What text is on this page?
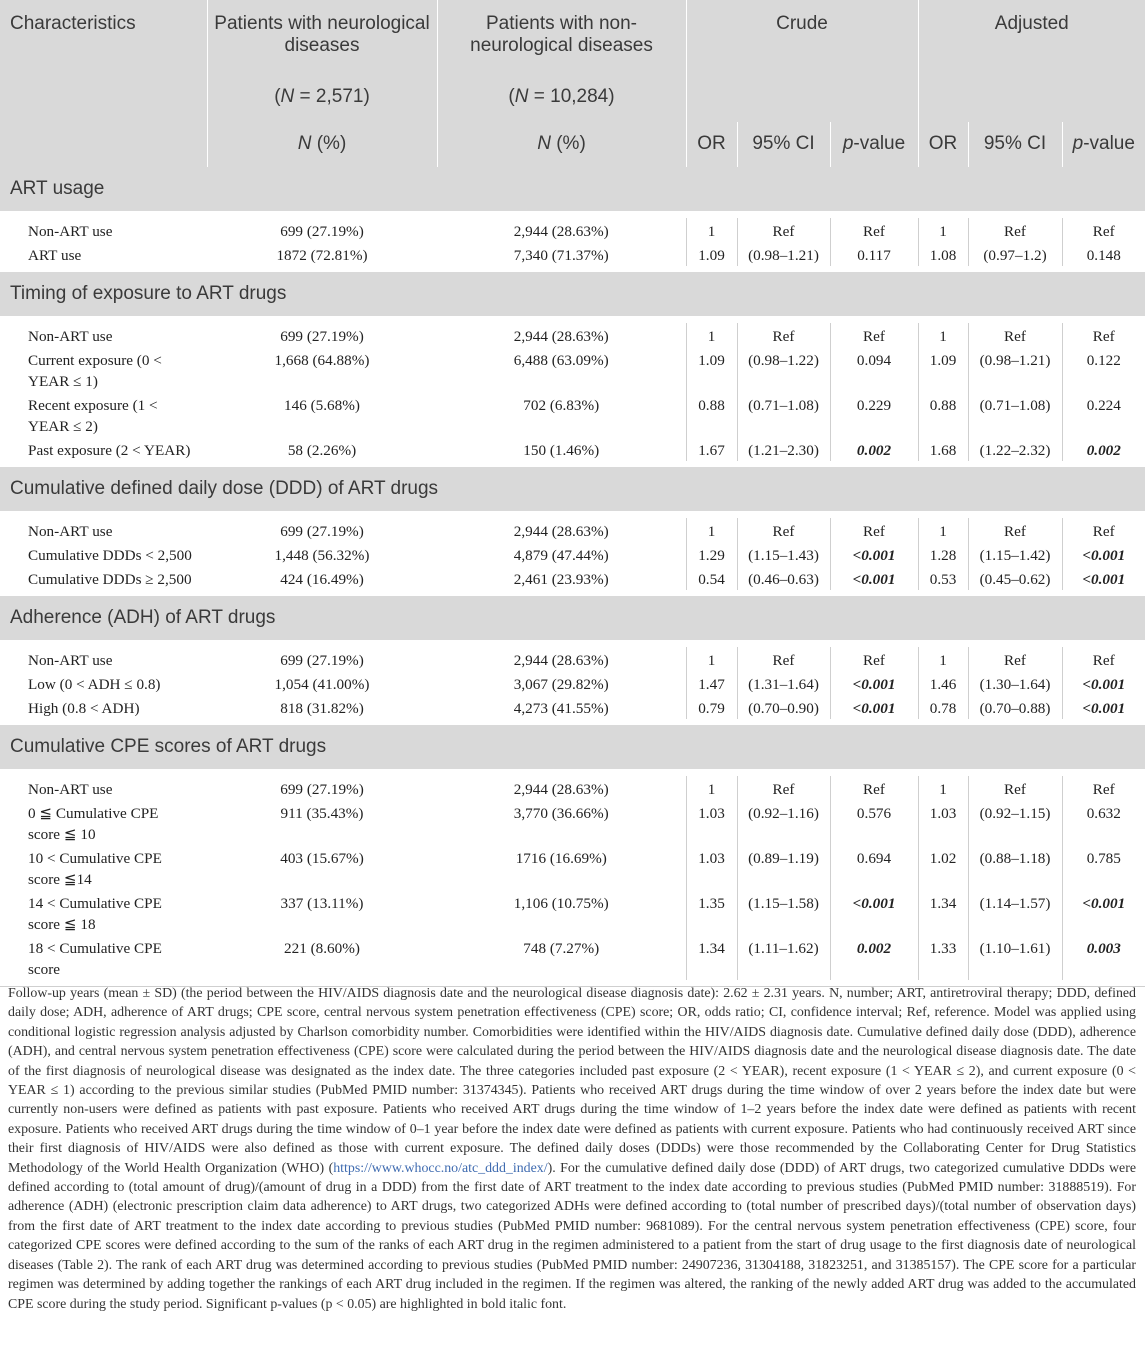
Characteristics	Patients with neurological diseases	Patients with non-neurological diseases	Crude			Adjusted		
	(N = 2,571)	(N = 10,284)						
	N (%)	N (%)	OR	95% CI	p-value	OR	95% CI	p-value
ART usage								

Non-ART use	699 (27.19%)	2,944 (28.63%)	1	Ref	Ref	1	Ref	Ref
ART use	1872 (72.81%)	7,340 (71.37%)	1.09	(0.98–1.21)	0.117	1.08	(0.97–1.2)	0.148

Timing of exposure to ART drugs								

Non-ART use	699 (27.19%)	2,944 (28.63%)	1	Ref	Ref	1	Ref	Ref
Current exposure (0 < YEAR ≤ 1)	1,668 (64.88%)	6,488 (63.09%)	1.09	(0.98–1.22)	0.094	1.09	(0.98–1.21)	0.122
Recent exposure (1 < YEAR ≤ 2)	146 (5.68%)	702 (6.83%)	0.88	(0.71–1.08)	0.229	0.88	(0.71–1.08)	0.224
Past exposure (2 < YEAR)	58 (2.26%)	150 (1.46%)	1.67	(1.21–2.30)	0.002	1.68	(1.22–2.32)	0.002

Cumulative defined daily dose (DDD) of ART drugs								

Non-ART use	699 (27.19%)	2,944 (28.63%)	1	Ref	Ref	1	Ref	Ref
Cumulative DDDs < 2,500	1,448 (56.32%)	4,879 (47.44%)	1.29	(1.15–1.43)	<0.001	1.28	(1.15–1.42)	<0.001
Cumulative DDDs ≥ 2,500	424 (16.49%)	2,461 (23.93%)	0.54	(0.46–0.63)	<0.001	0.53	(0.45–0.62)	<0.001

Adherence (ADH) of ART drugs								

Non-ART use	699 (27.19%)	2,944 (28.63%)	1	Ref	Ref	1	Ref	Ref
Low (0 < ADH ≤ 0.8)	1,054 (41.00%)	3,067 (29.82%)	1.47	(1.31–1.64)	<0.001	1.46	(1.30–1.64)	<0.001
High (0.8 < ADH)	818 (31.82%)	4,273 (41.55%)	0.79	(0.70–0.90)	<0.001	0.78	(0.70–0.88)	<0.001

Cumulative CPE scores of ART drugs								

Non-ART use	699 (27.19%)	2,944 (28.63%)	1	Ref	Ref	1	Ref	Ref
0 ≦ Cumulative CPE score ≦ 10	911 (35.43%)	3,770 (36.66%)	1.03	(0.92–1.16)	0.576	1.03	(0.92–1.15)	0.632
10 < Cumulative CPE score ≦14	403 (15.67%)	1716 (16.69%)	1.03	(0.89–1.19)	0.694	1.02	(0.88–1.18)	0.785
14 < Cumulative CPE score ≦ 18	337 (13.11%)	1,106 (10.75%)	1.35	(1.15–1.58)	<0.001	1.34	(1.14–1.57)	<0.001
18 < Cumulative CPE score	221 (8.60%)	748 (7.27%)	1.34	(1.11–1.62)	0.002	1.33	(1.10–1.61)	0.003

Follow-up years (mean ± SD) (the period between the HIV/AIDS diagnosis date and the neurological disease diagnosis date): 2.62 ± 2.31 years. N, number; ART, antiretroviral therapy; DDD, defined daily dose; ADH, adherence of ART drugs; CPE score, central nervous system penetration effectiveness (CPE) score; OR, odds ratio; CI, confidence interval; Ref, reference. Model was applied using conditional logistic regression analysis adjusted by Charlson comorbidity number. Comorbidities were identified within the HIV/AIDS diagnosis date. Cumulative defined daily dose (DDD), adherence (ADH), and central nervous system penetration effectiveness (CPE) score were calculated during the period between the HIV/AIDS diagnosis date and the neurological disease diagnosis date. The date of the first diagnosis of neurological disease was designated as the index date. The three categories included past exposure (2 < YEAR), recent exposure (1 < YEAR ≤ 2), and current exposure (0 < YEAR ≤ 1) according to the previous similar studies (PubMed PMID number: 31374345). Patients who received ART drugs during the time window of over 2 years before the index date but were currently non-users were defined as patients with past exposure. Patients who received ART drugs during the time window of 1–2 years before the index date were defined as patients with recent exposure. Patients who received ART drugs during the time window of 0–1 year before the index date were defined as patients with current exposure. Patients who had continuously received ART since their first diagnosis of HIV/AIDS were also defined as those with current exposure. The defined daily doses (DDDs) were those recommended by the Collaborating Center for Drug Statistics Methodology of the World Health Organization (WHO) (https://www.whocc.no/atc_ddd_index/). For the cumulative defined daily dose (DDD) of ART drugs, two categorized cumulative DDDs were defined according to (total amount of drug)/(amount of drug in a DDD) from the first date of ART treatment to the index date according to previous studies (PubMed PMID number: 31888519). For adherence (ADH) (electronic prescription claim data adherence) to ART drugs, two categorized ADHs were defined according to (total number of prescribed days)/(total number of observation days) from the first date of ART treatment to the index date according to previous studies (PubMed PMID number: 9681089). For the central nervous system penetration effectiveness (CPE) score, four categorized CPE scores were defined according to the sum of the ranks of each ART drug in the regimen administered to a patient from the start of drug usage to the first diagnosis date of neurological diseases (Table 2). The rank of each ART drug was determined according to previous studies (PubMed PMID number: 24907236, 31304188, 31823251, and 31385157). The CPE score for a particular regimen was determined by adding together the rankings of each ART drug included in the regimen. If the regimen was altered, the ranking of the newly added ART drug was added to the accumulated CPE score during the study period. Significant p-values (p < 0.05) are highlighted in bold italic font.
